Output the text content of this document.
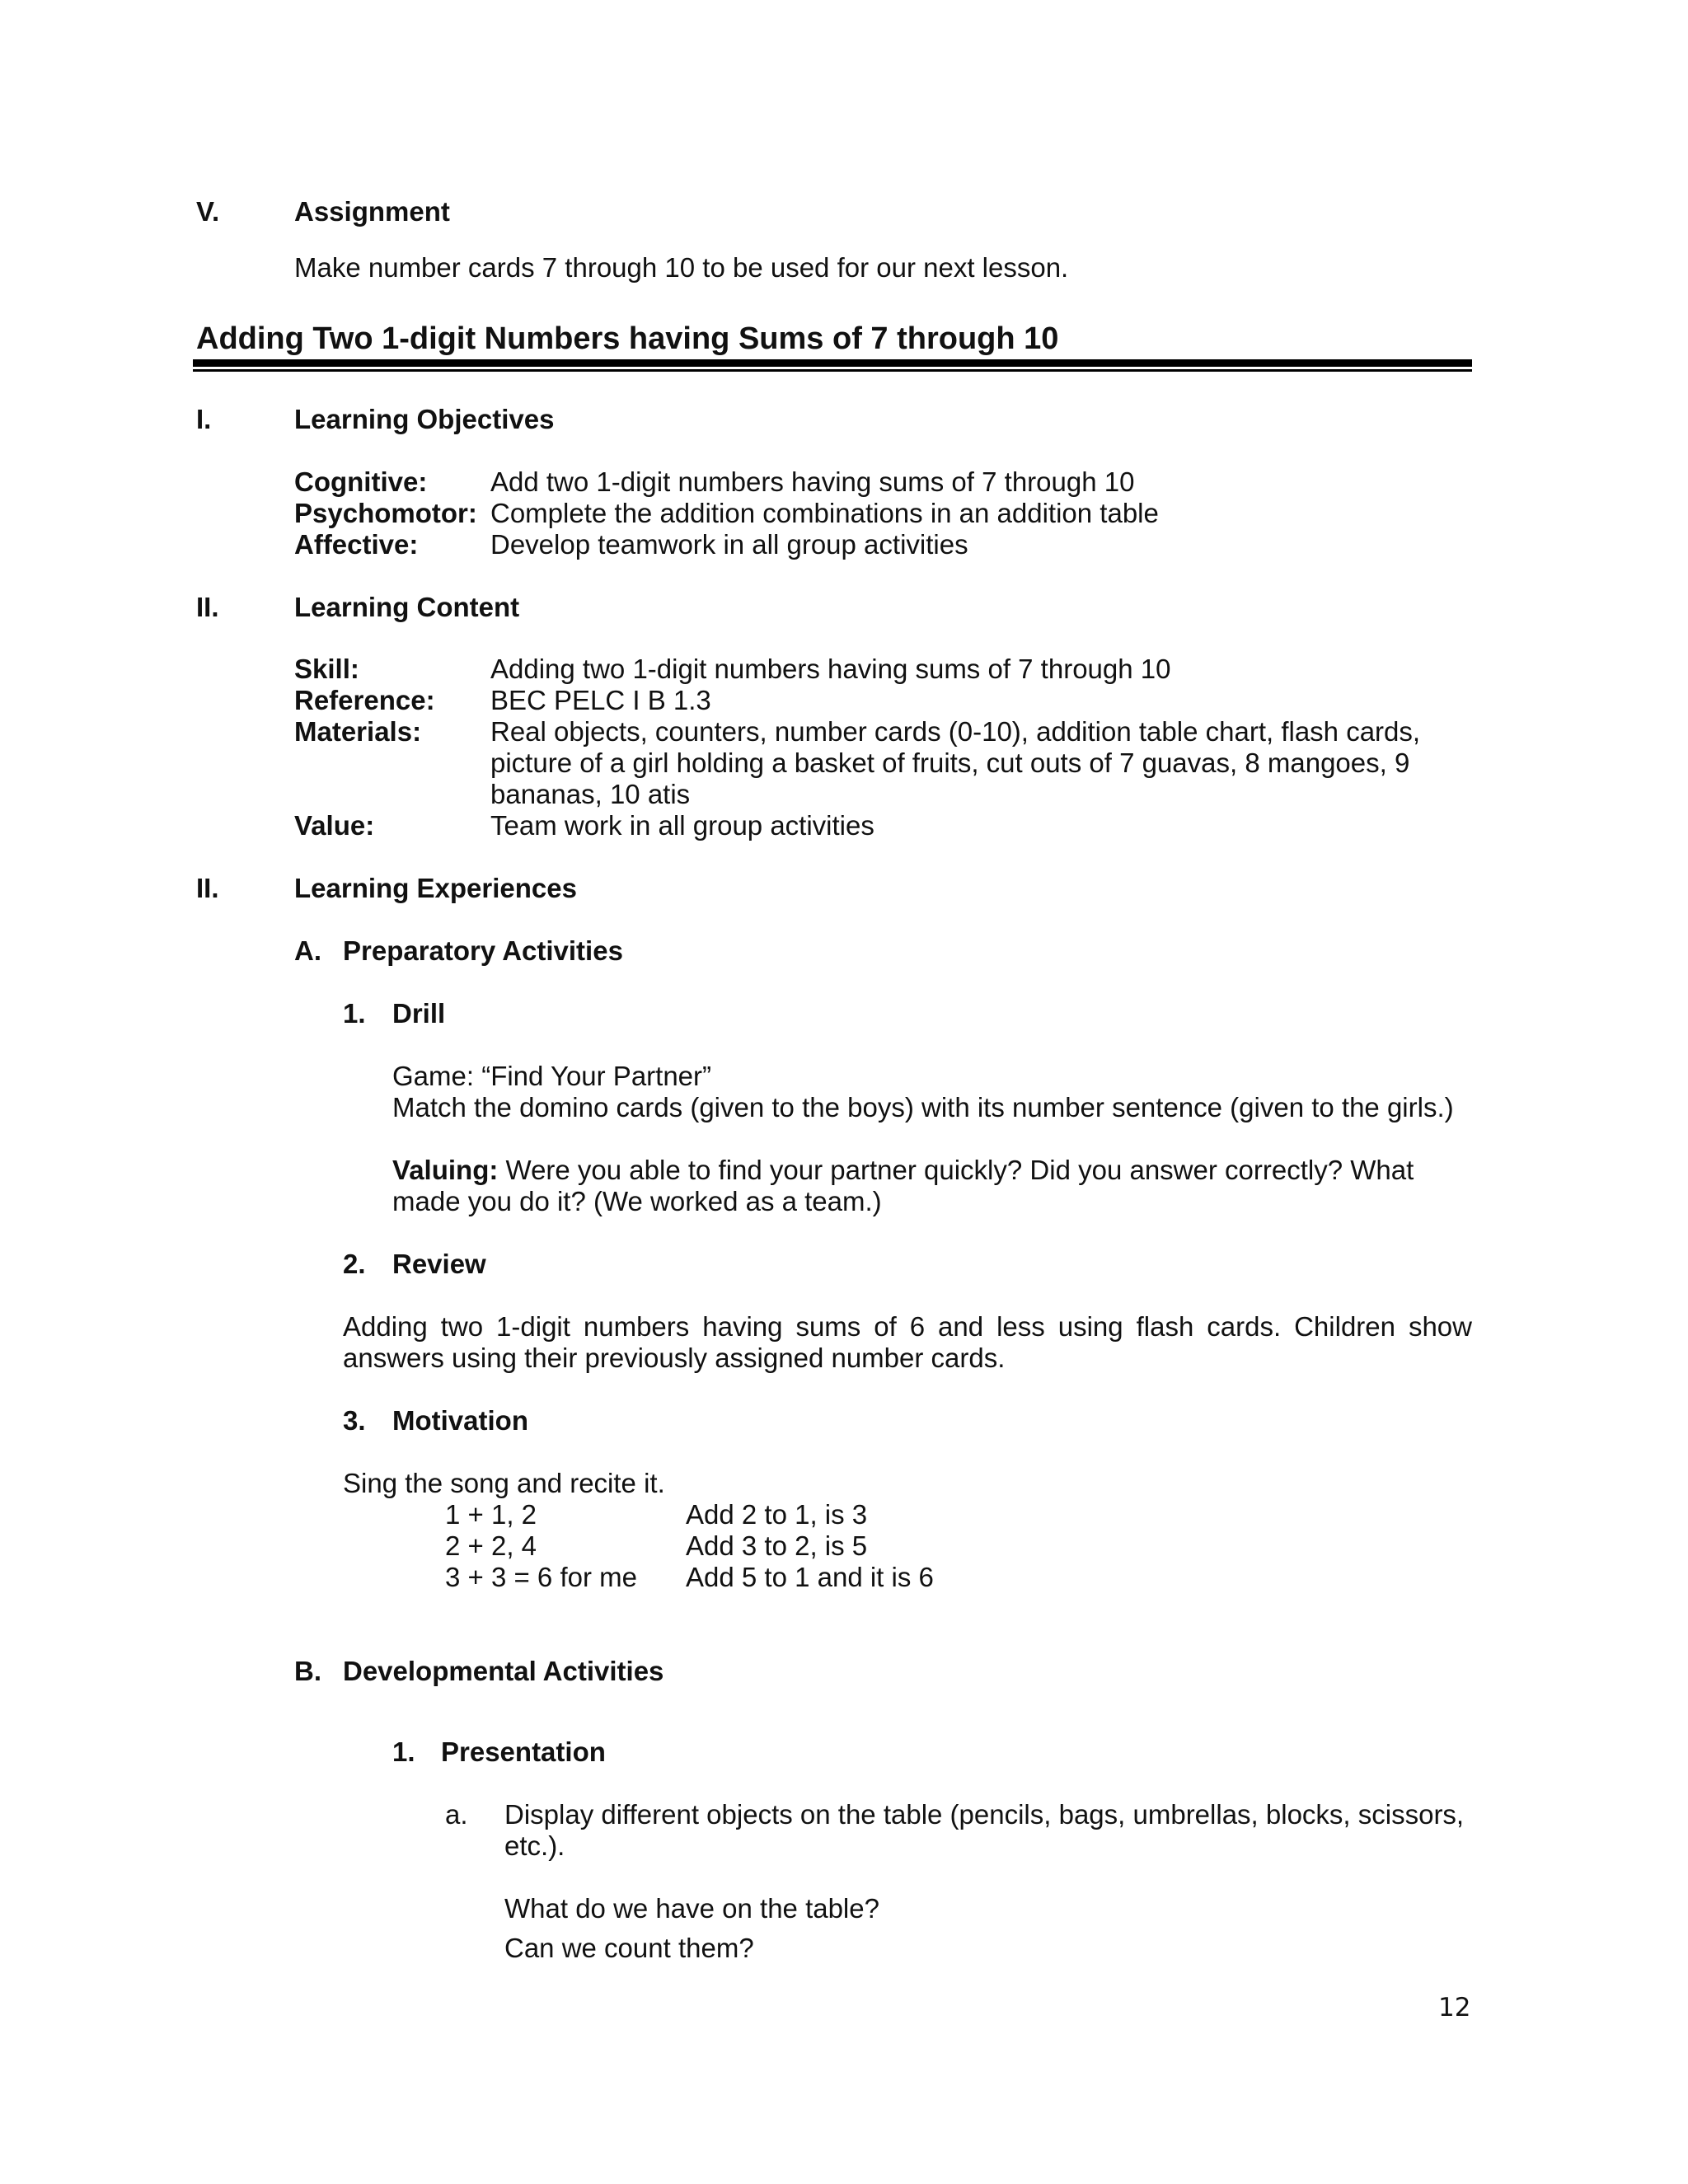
V.	Assignment
Make number cards 7 through 10 to be used for our next lesson.
Adding Two 1-digit Numbers having Sums of 7 through 10
I.	Learning Objectives
Cognitive: Add two 1-digit numbers having sums of 7 through 10
Psychomotor: Complete the addition combinations in an addition table
Affective:	Develop teamwork in all group activities
II.	Learning Content
Skill:	Adding two 1-digit numbers having sums of 7 through 10
Reference: BEC PELC I B 1.3
Materials:	Real objects, counters, number cards (0-10), addition table chart, flash cards,
picture of a girl holding a basket of fruits, cut outs of 7 guavas, 8 mangoes, 9
bananas, 10 atis
Value:	Team work in all group activities
II.	Learning Experiences
A. Preparatory Activities
1. Drill
Game: “Find Your Partner”
Match the domino cards (given to the boys) with its number sentence (given to the girls.)
Valuing: Were you able to find your partner quickly? Did you answer correctly? What
made you do it? (We worked as a team.)
2. Review
Adding two 1-digit numbers having sums of 6 and less using flash cards. Children show
answers using their previously assigned number cards.
3. Motivation
Sing the song and recite it.
1 + 1, 2	Add 2 to 1, is 3
2 + 2, 4	Add 3 to 2, is 5
3 + 3 = 6 for me Add 5 to 1 and it is 6
B. Developmental Activities
1. Presentation
a. Display different objects on the table (pencils, bags, umbrellas, blocks, scissors,
etc.).
What do we have on the table?
Can we count them?
12
